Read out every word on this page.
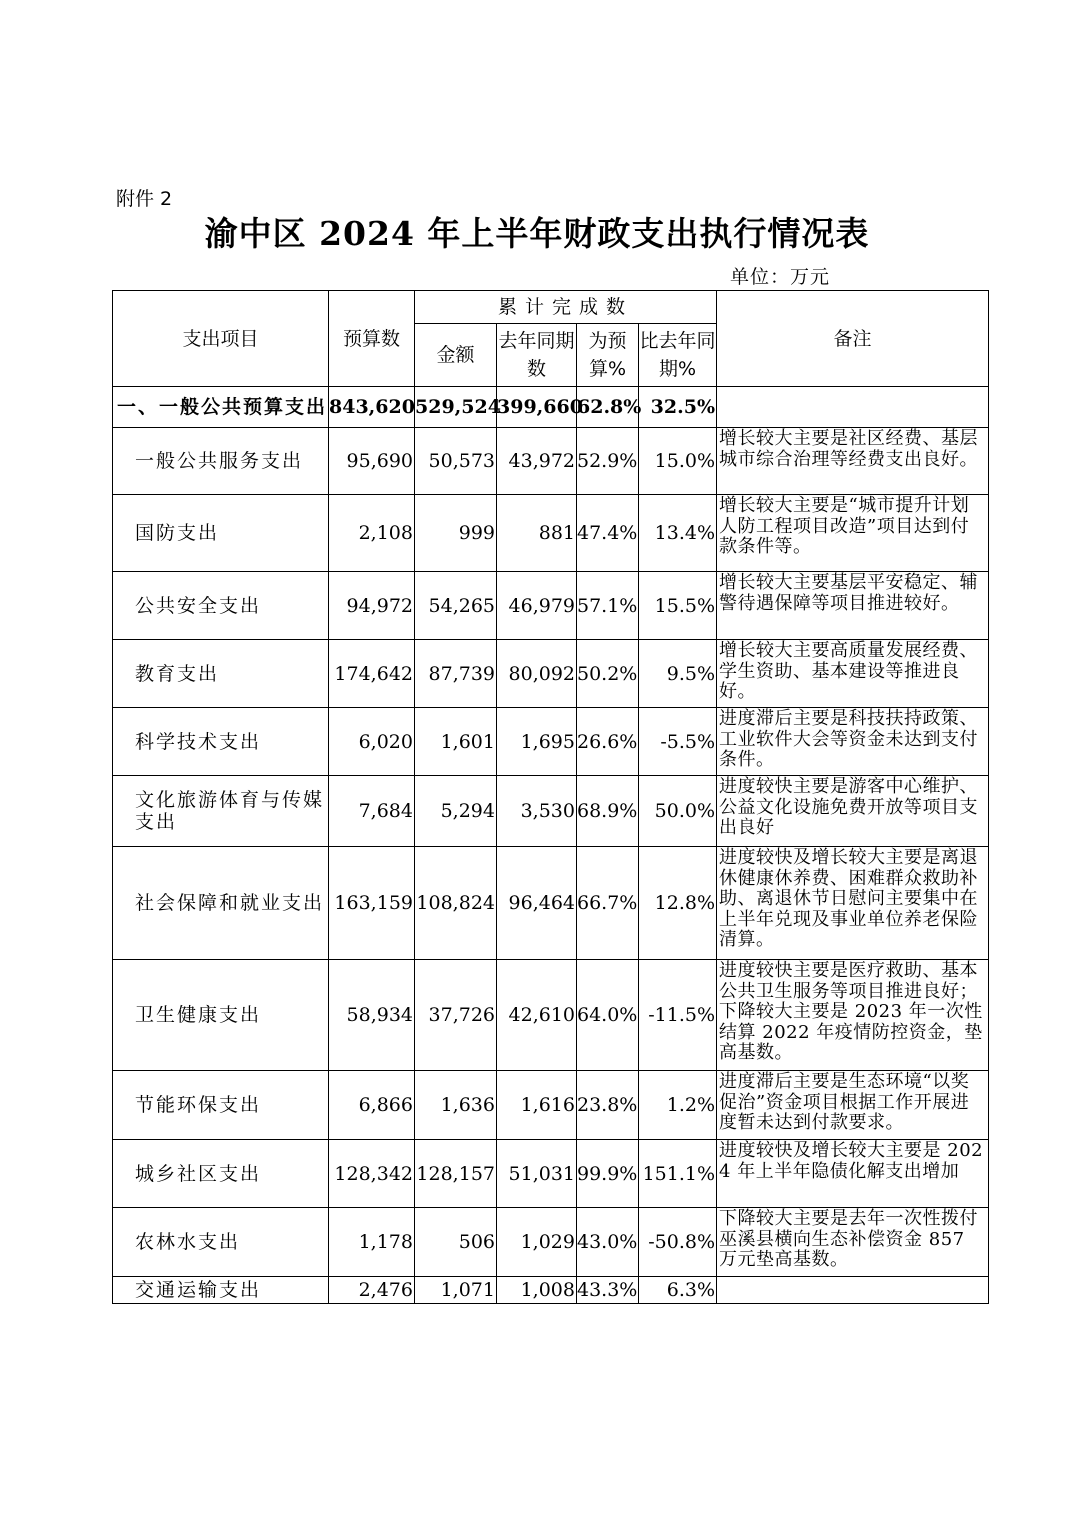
附件 2
渝中区 2024 年上半年财政支出执行情况表
单位：万元
支出项目	预算数	累计完成数				备注
		金额	去年同期数	为预算%	比去年同期%	
一、一般公共预算支出	843,620	529,524	399,660	62.8%	32.5%	
一般公共服务支出	95,690	50,573	43,972	52.9%	15.0%	增长较大主要是社区经费、基层城市综合治理等经费支出良好。
国防支出	2,108	999	881	47.4%	13.4%	增长较大主要是“城市提升计划人防工程项目改造”项目达到付款条件等。
公共安全支出	94,972	54,265	46,979	57.1%	15.5%	增长较大主要基层平安稳定、辅警待遇保障等项目推进较好。
教育支出	174,642	87,739	80,092	50.2%	9.5%	增长较大主要高质量发展经费、学生资助、基本建设等推进良好。
科学技术支出	6,020	1,601	1,695	26.6%	-5.5%	进度滞后主要是科技扶持政策、工业软件大会等资金未达到支付条件。
文化旅游体育与传媒支出	7,684	5,294	3,530	68.9%	50.0%	进度较快主要是游客中心维护、公益文化设施免费开放等项目支出良好
社会保障和就业支出	163,159	108,824	96,464	66.7%	12.8%	进度较快及增长较大主要是离退休健康休养费、困难群众救助补助、离退休节日慰问主要集中在上半年兑现及事业单位养老保险清算。
卫生健康支出	58,934	37,726	42,610	64.0%	-11.5%	进度较快主要是医疗救助、基本公共卫生服务等项目推进良好；下降较大主要是 2023 年一次性结算 2022 年疫情防控资金，垫高基数。
节能环保支出	6,866	1,636	1,616	23.8%	1.2%	进度滞后主要是生态环境“以奖促治”资金项目根据工作开展进度暂未达到付款要求。
城乡社区支出	128,342	128,157	51,031	99.9%	151.1%	进度较快及增长较大主要是 2024 年上半年隐债化解支出增加
农林水支出	1,178	506	1,029	43.0%	-50.8%	下降较大主要是去年一次性拨付巫溪县横向生态补偿资金 857 万元垫高基数。
交通运输支出	2,476	1,071	1,008	43.3%	6.3%	
